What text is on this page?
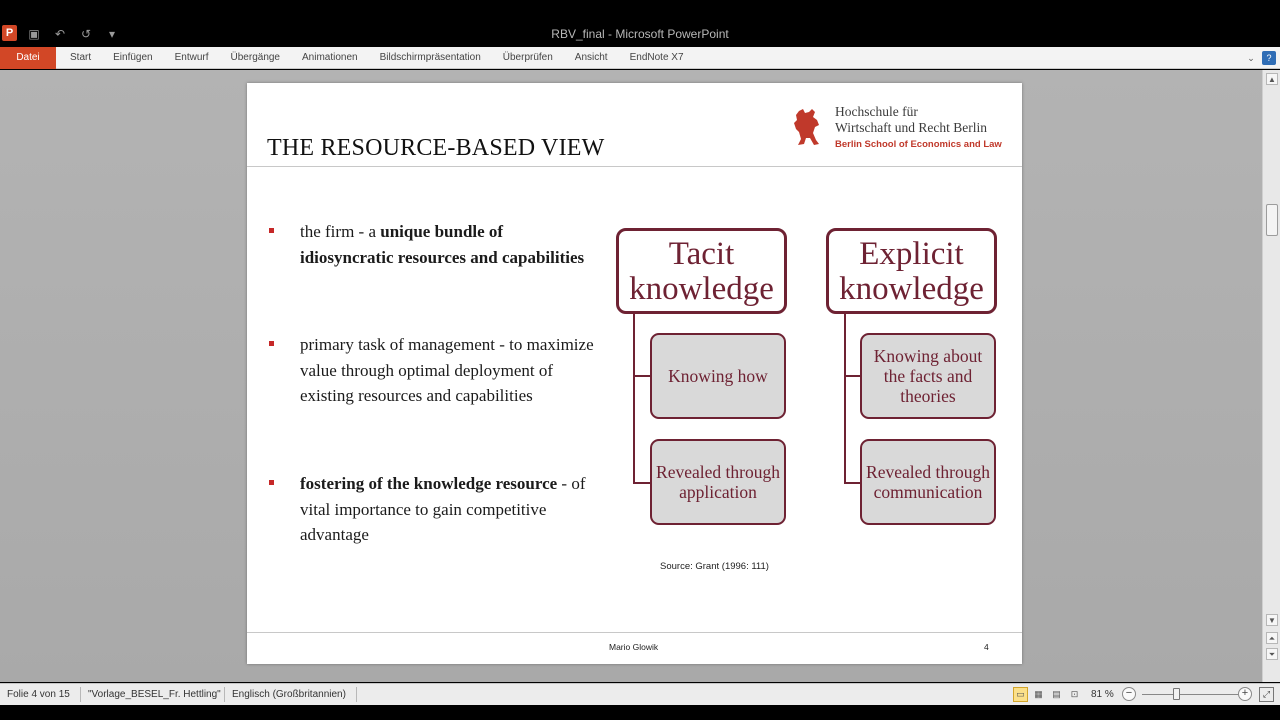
P	▣	↶	↺	▾	RBV_final - Microsoft PowerPoint
Datei	Start	Einfügen	Entwurf	Übergänge	Animationen	Bildschirmpräsentation	Überprüfen	Ansicht	EndNote X7	⌄	?
▲
▼
⏶
⏷
THE RESOURCE-BASED VIEW
Hochschule für
Wirtschaft und Recht Berlin
Berlin School of Economics and Law
the firm - a unique bundle of idiosyncratic resources and capabilities
primary task of management - to maximize value through optimal deployment of existing resources and capabilities
fostering of the knowledge resource - of vital importance to gain competitive advantage
Tacit knowledge
Knowing how
Revealed through application
Explicit knowledge
Knowing about the facts and theories
Revealed through communication
Source: Grant (1996: 111)
Mario Glowik	4
Folie 4 von 15 "Vorlage_BESEL_Fr. Hettling" Englisch (Großbritannien)	▭	▦	▤	⊡	81 %	−	+	⤢
